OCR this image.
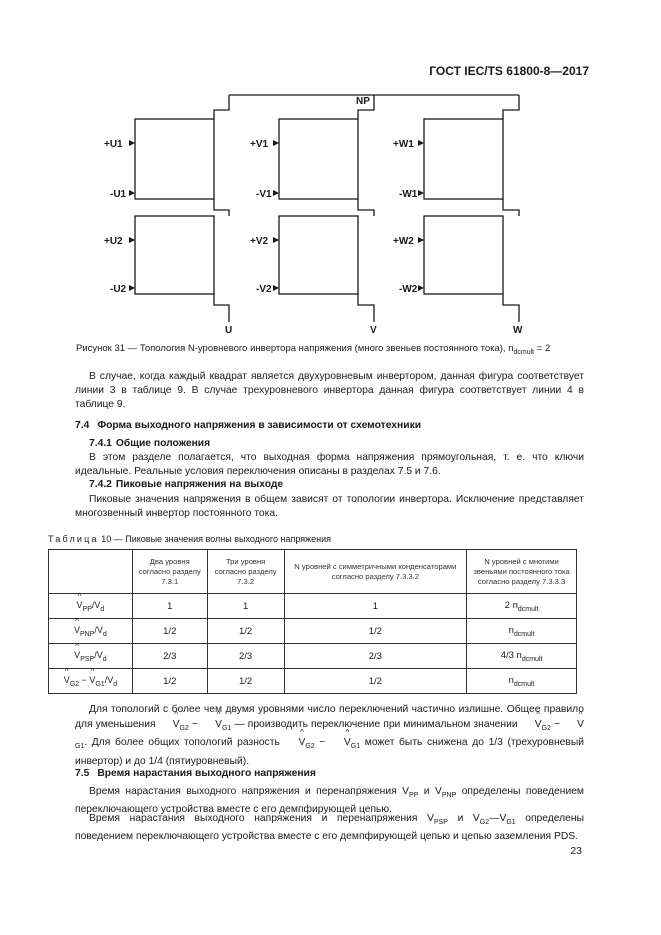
ГОСТ IEC/TS 61800-8—2017
NP
+U1
-U1
+U2
-U2
+V1
-V1
+V2
-V2
+W1
-W1
+W2
-W2
U	V	W
Рисунок 31 — Топология N-уровневого инвертора напряжения (много звеньев постоянного тока), $n_{dcmult} = 2$

В случае, когда каждый квадрат является двухуровневым инвертором, данная фигура соответствует линии 3 в таблице 9. В случае трехуровневого инвертора данная фигура соответствует линии 4 в таблице 9.

7.4 Форма выходного напряжения в зависимости от схемотехники
7.4.1 Общие положения

В этом разделе полагается, что выходная форма напряжения прямоугольная, т. е. что ключи идеальные. Реальные условия переключения описаны в разделах 7.5 и 7.6.

7.4.2 Пиковые напряжения на выходе

Пиковые значения напряжения в общем зависят от топологии инвертора. Исключение представляет многозвенный инвертор постоянного тока.

Таблица 10 — Пиковые значения волны выходного напряжения
	Два уровня согласно разделу 7.3.1	Три уровня согласно разделу 7.3.2	N уровней с симметричными конденсаторами согласно разделу 7.3.3.2	N уровней с многими звеньями постоянного тока согласно разделу 7.3.3.3
^ $V_{PP}/V_d$	1	1	1	2 $n_{dcmult}$
^ $V_{PNP}/V_d$	1/2	1/2	1/2	$n_{dcmult}$
^ $V_{PSP}/V_d$	2/3	2/3	2/3	4/3 $n_{dcmult}$
^ $V_{G2}$ − ^ $V_{G1}/V_d$	1/2	1/2	1/2	$n_{dcmult}$

Для топологий с более чем двумя уровнями число переключений частично излишне. Общее правило для уменьшения ^ $V_{G2}$ − ^ $V_{G1}$ — производить переключение при минимальном значении ^ $V_{G2}$ − ^ $V_{G1}$. Для более общих топологий разность ^ $V_{G2}$ − ^ $V_{G1}$ может быть снижена до 1/3 (трехуровневый инвертор) и до 1/4 (пятиуровневый).

7.5 Время нарастания выходного напряжения

Время нарастания выходного напряжения и перенапряжения $V_{PP}$ и $V_{PNP}$ определены поведением переключающего устройства вместе с его демпфирующей цепью.

Время нарастания выходного напряжения и перенапряжения $V_{PSP}$ и $V_{G2}—V_{G1}$ определены поведением переключающего устройства вместе с его демпфирующей цепью и цепью заземления PDS.

23
